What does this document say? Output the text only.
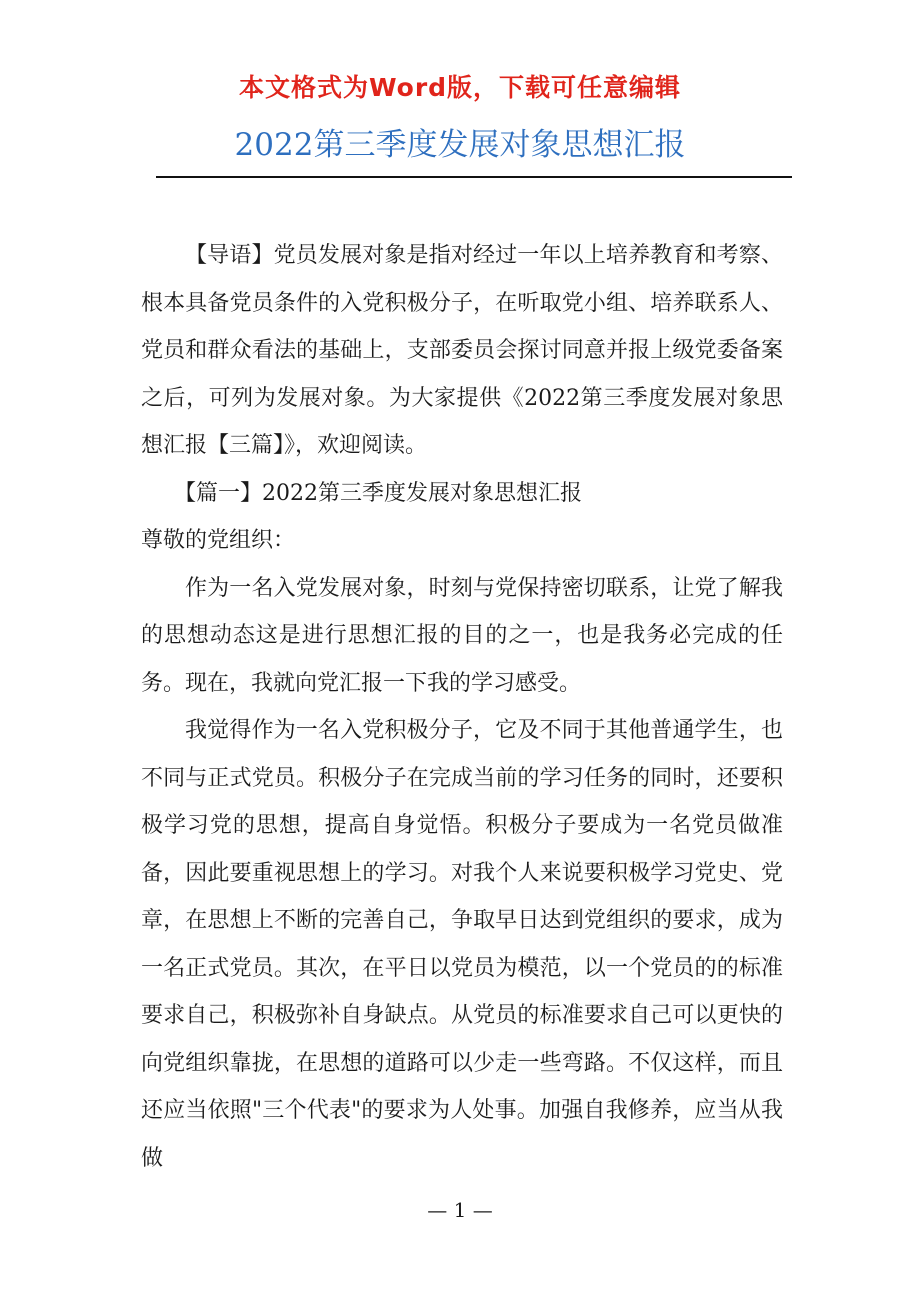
本文格式为Word版，下载可任意编辑
2022第三季度发展对象思想汇报

【导语】党员发展对象是指对经过一年以上培养教育和考察、根本具备党员条件的入党积极分子，在听取党小组、培养联系人、党员和群众看法的基础上，支部委员会探讨同意并报上级党委备案之后，可列为发展对象。为大家提供《2022第三季度发展对象思想汇报【三篇】》，欢迎阅读。

【篇一】2022第三季度发展对象思想汇报

尊敬的党组织：

作为一名入党发展对象，时刻与党保持密切联系，让党了解我的思想动态这是进行思想汇报的目的之一，也是我务必完成的任务。现在，我就向党汇报一下我的学习感受。

我觉得作为一名入党积极分子，它及不同于其他普通学生，也不同与正式党员。积极分子在完成当前的学习任务的同时，还要积极学习党的思想，提高自身觉悟。积极分子要成为一名党员做准备，因此要重视思想上的学习。对我个人来说要积极学习党史、党章，在思想上不断的完善自己，争取早日达到党组织的要求，成为一名正式党员。其次，在平日以党员为模范，以一个党员的的标准要求自己，积极弥补自身缺点。从党员的标准要求自己可以更快的向党组织靠拢，在思想的道路可以少走一些弯路。不仅这样，而且还应当依照"三个代表"的要求为人处事。加强自我修养，应当从我做

— 1 —
